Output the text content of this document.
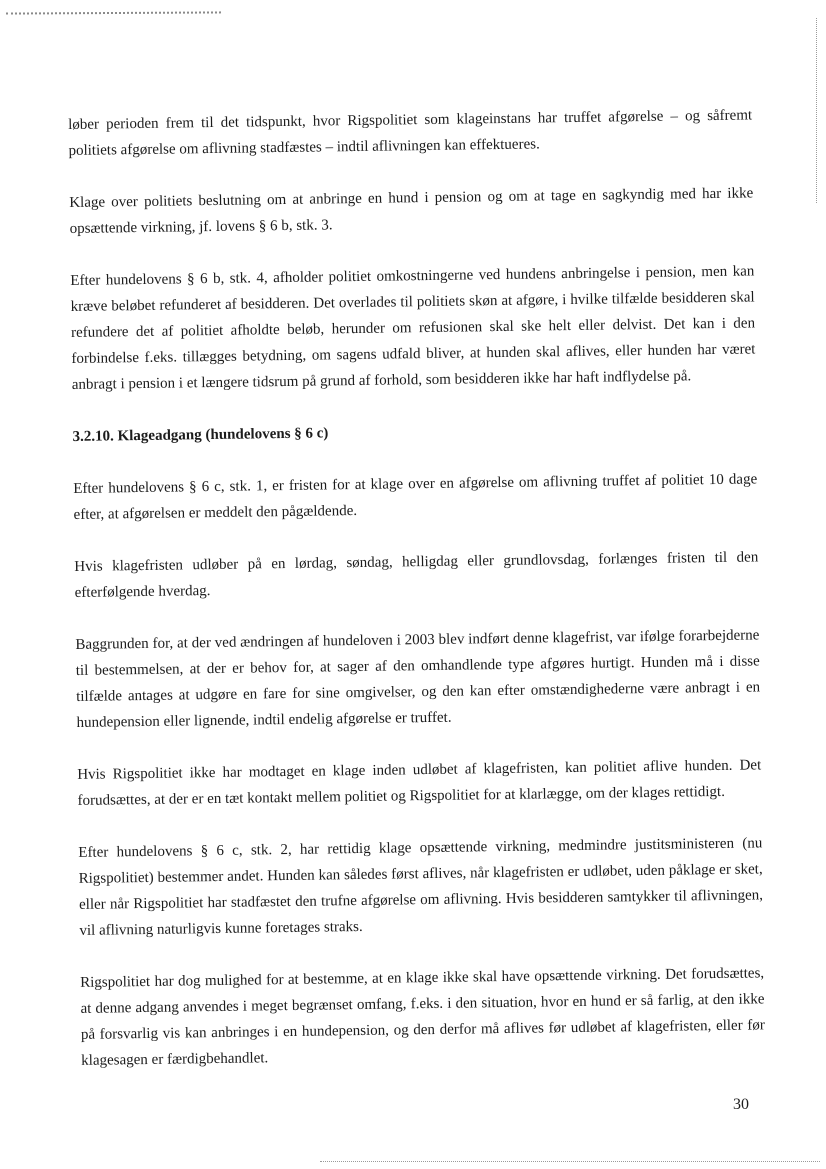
løber perioden frem til det tidspunkt, hvor Rigspolitiet som klageinstans har truffet afgørelse – og såfremt politiets afgørelse om aflivning stadfæstes – indtil aflivningen kan effektueres.

Klage over politiets beslutning om at anbringe en hund i pension og om at tage en sagkyndig med har ikke opsættende virkning, jf. lovens § 6 b, stk. 3.

Efter hundelovens § 6 b, stk. 4, afholder politiet omkostningerne ved hundens anbringelse i pension, men kan kræve beløbet refunderet af besidderen. Det overlades til politiets skøn at afgøre, i hvilke tilfælde besidderen skal refundere det af politiet afholdte beløb, herunder om refusionen skal ske helt eller delvist. Det kan i den forbindelse f.eks. tillægges betydning, om sagens udfald bliver, at hunden skal aflives, eller hunden har været anbragt i pension i et længere tidsrum på grund af forhold, som besidderen ikke har haft indflydelse på.

3.2.10. Klageadgang (hundelovens § 6 c)

Efter hundelovens § 6 c, stk. 1, er fristen for at klage over en afgørelse om aflivning truffet af politiet 10 dage efter, at afgørelsen er meddelt den pågældende.

Hvis klagefristen udløber på en lørdag, søndag, helligdag eller grundlovsdag, forlænges fristen til den efterfølgende hverdag.

Baggrunden for, at der ved ændringen af hundeloven i 2003 blev indført denne klagefrist, var ifølge forarbejderne til bestemmelsen, at der er behov for, at sager af den omhandlende type afgøres hurtigt. Hunden må i disse tilfælde antages at udgøre en fare for sine omgivelser, og den kan efter omstændighederne være anbragt i en hundepension eller lignende, indtil endelig afgørelse er truffet.

Hvis Rigspolitiet ikke har modtaget en klage inden udløbet af klagefristen, kan politiet aflive hunden. Det forudsættes, at der er en tæt kontakt mellem politiet og Rigspolitiet for at klarlægge, om der klages rettidigt.

Efter hundelovens § 6 c, stk. 2, har rettidig klage opsættende virkning, medmindre justitsministeren (nu Rigspolitiet) bestemmer andet. Hunden kan således først aflives, når klagefristen er udløbet, uden påklage er sket, eller når Rigspolitiet har stadfæstet den trufne afgørelse om aflivning. Hvis besidderen samtykker til aflivningen, vil aflivning naturligvis kunne foretages straks.

Rigspolitiet har dog mulighed for at bestemme, at en klage ikke skal have opsættende virkning. Det forudsættes, at denne adgang anvendes i meget begrænset omfang, f.eks. i den situation, hvor en hund er så farlig, at den ikke på forsvarlig vis kan anbringes i en hundepension, og den derfor må aflives før udløbet af klagefristen, eller før klagesagen er færdigbehandlet.

30
